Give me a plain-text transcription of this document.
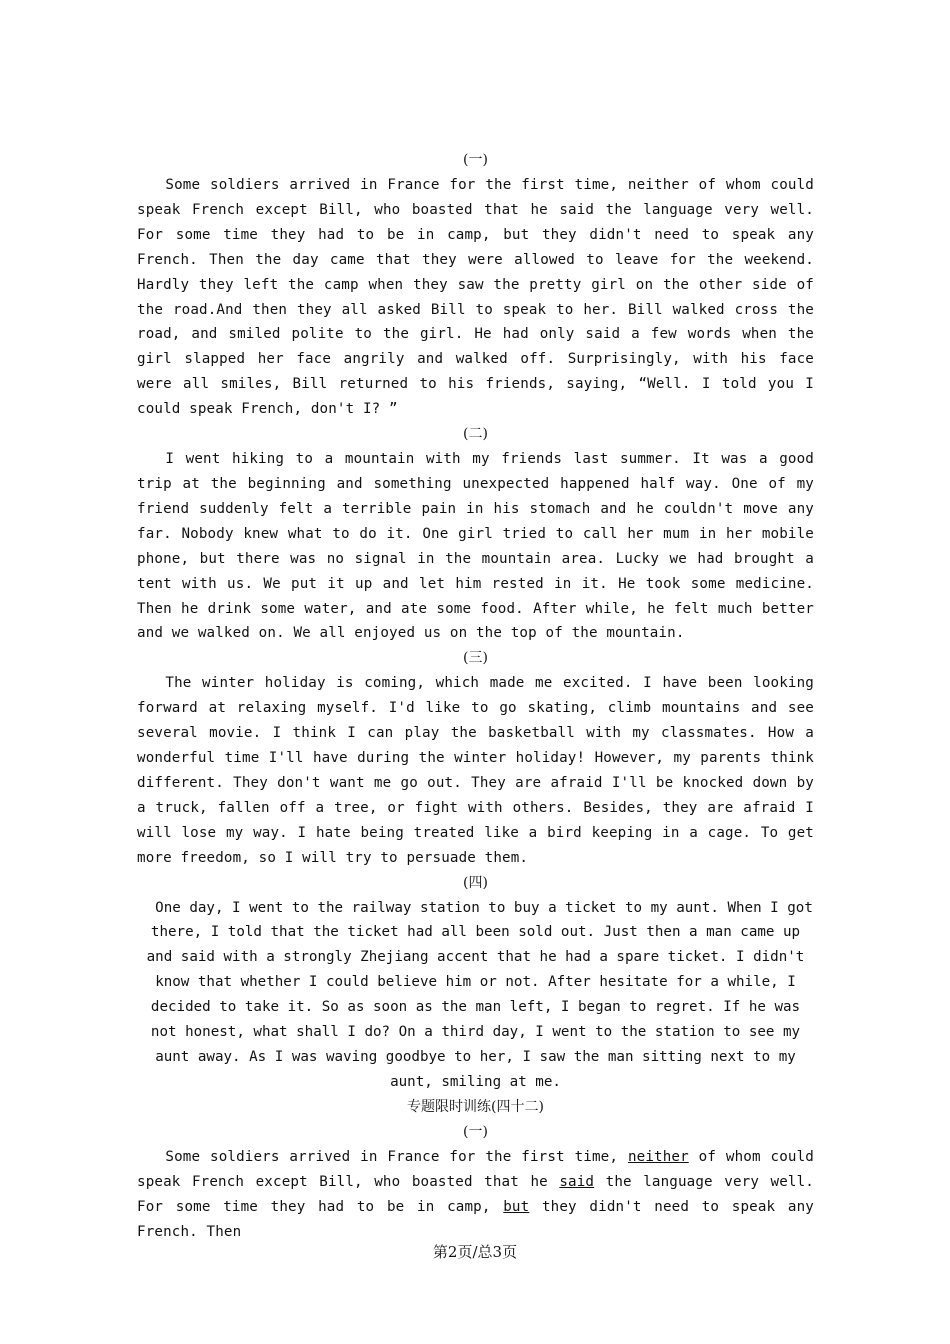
(一)

Some soldiers arrived in France for the first time, neither of whom could speak French except Bill, who boasted that he said the language very well. For some time they had to be in camp, but they didn't need to speak any French. Then the day came that they were allowed to leave for the weekend. Hardly they left the camp when they saw the pretty girl on the other side of the road.And then they all asked Bill to speak to her. Bill walked cross the road, and smiled polite to the girl. He had only said a few words when the girl slapped her face angrily and walked off. Surprisingly, with his face were all smiles, Bill returned to his friends, saying, “Well. I told you I could speak French, don't I? ”

(二)

I went hiking to a mountain with my friends last summer. It was a good trip at the beginning and something unexpected happened half way. One of my friend suddenly felt a terrible pain in his stomach and he couldn't move any far. Nobody knew what to do it. One girl tried to call her mum in her mobile phone, but there was no signal in the mountain area. Lucky we had brought a tent with us. We put it up and let him rested in it. He took some medicine. Then he drink some water, and ate some food. After while, he felt much better and we walked on. We all enjoyed us on the top of the mountain.

(三)

The winter holiday is coming, which made me excited. I have been looking forward at relaxing myself. I'd like to go skating, climb mountains and see several movie. I think I can play the basketball with my classmates. How a wonderful time I'll have during the winter holiday! However, my parents think different. They don't want me go out. They are afraid I'll be knocked down by a truck, fallen off a tree, or fight with others. Besides, they are afraid I will lose my way. I hate being treated like a bird keeping in a cage. To get more freedom, so I will try to persuade them.

(四)

One day, I went to the railway station to buy a ticket to my aunt. When I got there, I told that the ticket had all been sold out. Just then a man came up and said with a strongly Zhejiang accent that he had a spare ticket. I didn't know that whether I could believe him or not. After hesitate for a while, I decided to take it. So as soon as the man left, I began to regret. If he was not honest, what shall I do? On a third day, I went to the station to see my aunt away. As I was waving goodbye to her, I saw the man sitting next to my aunt, smiling at me.

专题限时训练(四十二)
(一)

Some soldiers arrived in France for the first time, neither of whom could speak French except Bill, who boasted that he said the language very well. For some time they had to be in camp, but they didn't need to speak any French. Then

第2页/总3页
